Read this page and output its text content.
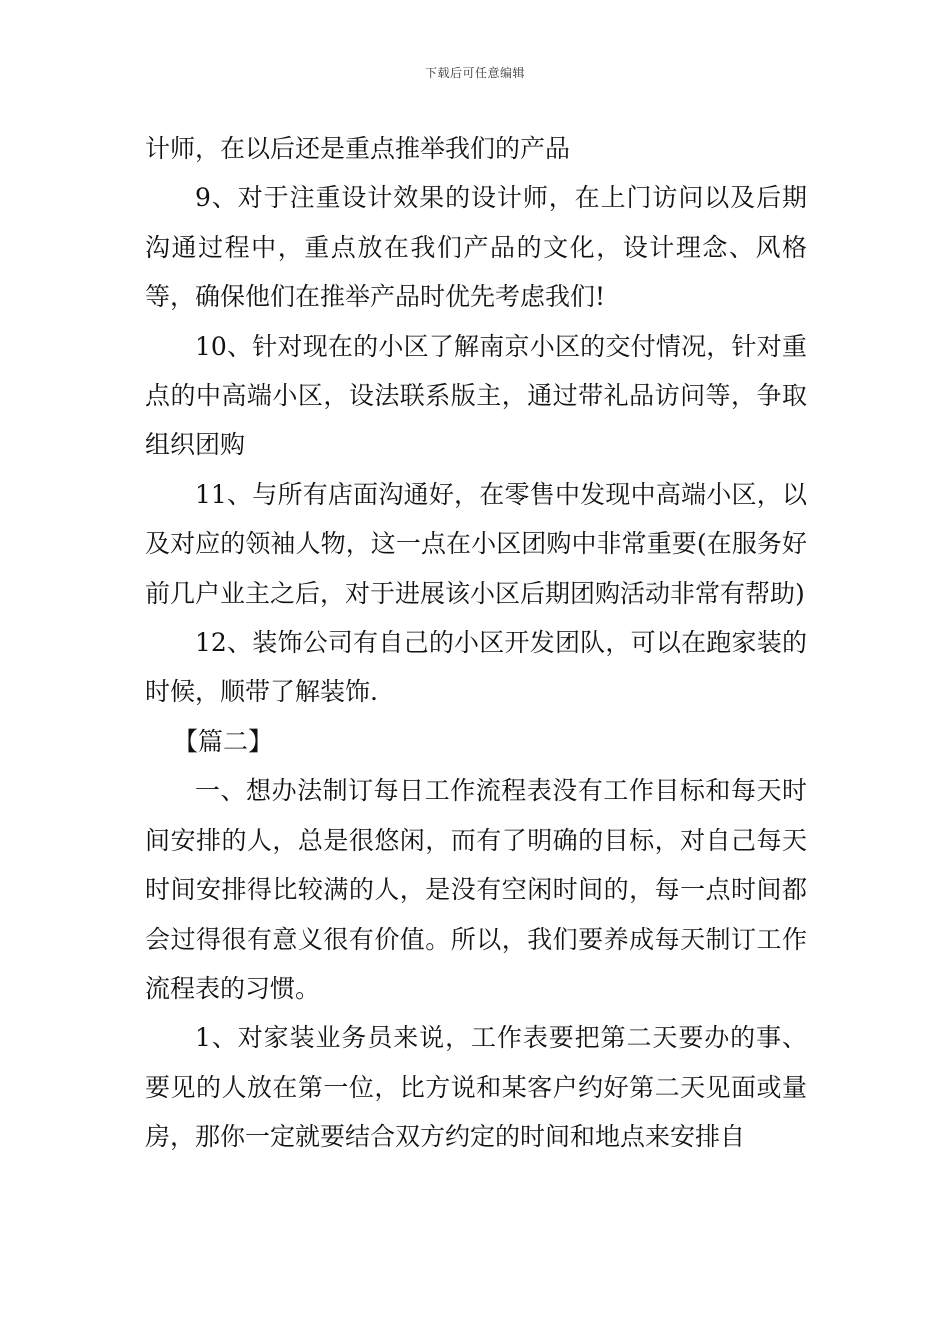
下载后可任意编辑

计师，在以后还是重点推举我们的产品

9、对于注重设计效果的设计师，在上门访问以及后期沟通过程中，重点放在我们产品的文化，设计理念、风格等，确保他们在推举产品时优先考虑我们!

10、针对现在的小区了解南京小区的交付情况，针对重点的中高端小区，设法联系版主，通过带礼品访问等，争取组织团购

11、与所有店面沟通好，在零售中发现中高端小区，以及对应的领袖人物，这一点在小区团购中非常重要(在服务好前几户业主之后，对于进展该小区后期团购活动非常有帮助)

12、装饰公司有自己的小区开发团队，可以在跑家装的时候，顺带了解装饰.

【篇二】

一、想办法制订每日工作流程表没有工作目标和每天时间安排的人，总是很悠闲，而有了明确的目标，对自己每天时间安排得比较满的人，是没有空闲时间的，每一点时间都会过得很有意义很有价值。所以，我们要养成每天制订工作流程表的习惯。

1、对家装业务员来说，工作表要把第二天要办的事、要见的人放在第一位，比方说和某客户约好第二天见面或量房，那你一定就要结合双方约定的时间和地点来安排自
